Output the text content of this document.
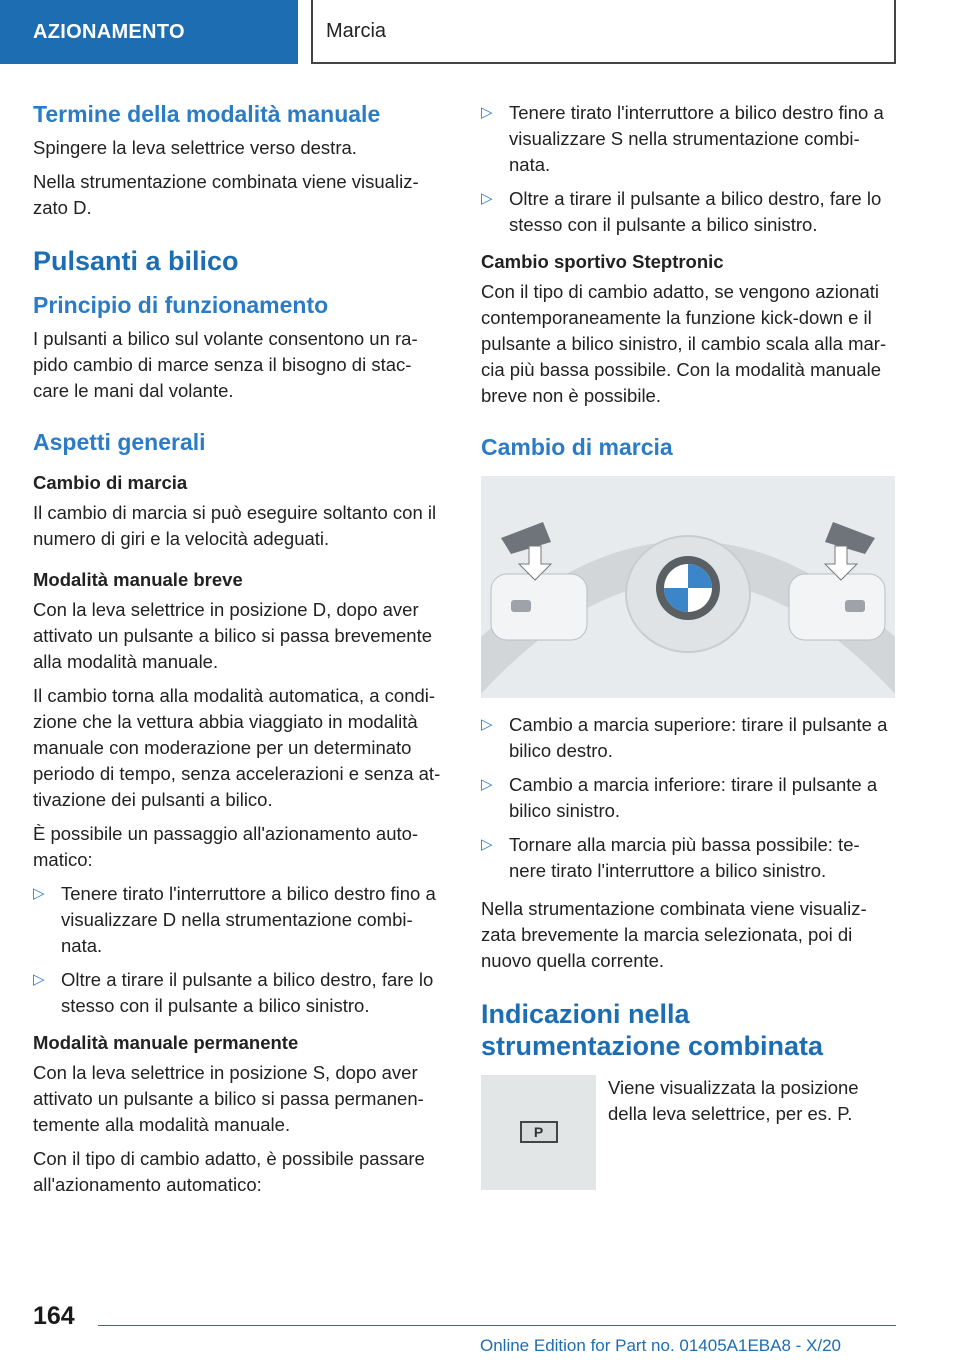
AZIONAMENTO	Marcia
Termine della modalità manuale

Spingere la leva selettrice verso destra.

Nella strumentazione combinata viene visualiz-zato D.

Pulsanti a bilico
Principio di funzionamento

I pulsanti a bilico sul volante consentono un ra-pido cambio di marce senza il bisogno di stac-care le mani dal volante.

Aspetti generali
Cambio di marcia

Il cambio di marcia si può eseguire soltanto con il numero di giri e la velocità adeguati.

Modalità manuale breve

Con la leva selettrice in posizione D, dopo aver attivato un pulsante a bilico si passa brevemente alla modalità manuale.

Il cambio torna alla modalità automatica, a condi-zione che la vettura abbia viaggiato in modalità manuale con moderazione per un determinato periodo di tempo, senza accelerazioni e senza at-tivazione dei pulsanti a bilico.

È possibile un passaggio all'azionamento auto-matico:

▷ Tenere tirato l'interruttore a bilico destro fino a visualizzare D nella strumentazione combi-nata.
▷ Oltre a tirare il pulsante a bilico destro, fare lo stesso con il pulsante a bilico sinistro.
Modalità manuale permanente

Con la leva selettrice in posizione S, dopo aver attivato un pulsante a bilico si passa permanen-temente alla modalità manuale.

Con il tipo di cambio adatto, è possibile passare all'azionamento automatico:

▷ Tenere tirato l'interruttore a bilico destro fino a visualizzare S nella strumentazione combi-nata.
▷ Oltre a tirare il pulsante a bilico destro, fare lo stesso con il pulsante a bilico sinistro.
Cambio sportivo Steptronic

Con il tipo di cambio adatto, se vengono azionati contemporaneamente la funzione kick-down e il pulsante a bilico sinistro, il cambio scala alla mar-cia più bassa possibile. Con la modalità manuale breve non è possibile.

Cambio di marcia
▷ Cambio a marcia superiore: tirare il pulsante a bilico destro.
▷ Cambio a marcia inferiore: tirare il pulsante a bilico sinistro.
▷ Tornare alla marcia più bassa possibile: te-nere tirato l'interruttore a bilico sinistro.

Nella strumentazione combinata viene visualiz-zata brevemente la marcia selezionata, poi di nuovo quella corrente.

Indicazioni nella strumentazione combinata
P

Viene visualizzata la posizione della leva selettrice, per es. P.

164
Online Edition for Part no. 01405A1EBA8 - X/20
